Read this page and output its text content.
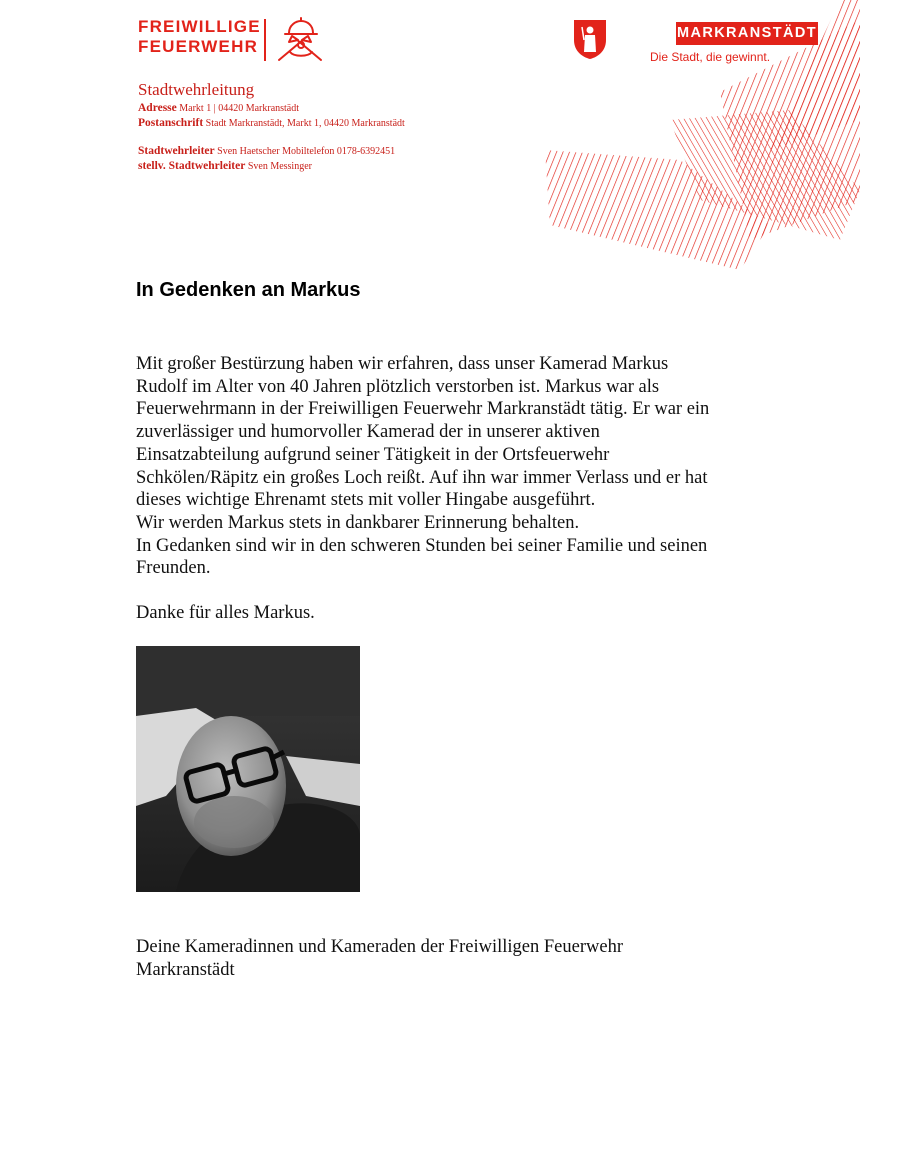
FREIWILLIGE
FEUERWEHR
Stadtwehrleitung
Adresse Markt 1 | 04420 Markranstädt
Postanschrift Stadt Markranstädt, Markt 1, 04420 Markranstädt
Stadtwehrleiter Sven Haetscher Mobiltelefon 0178-6392451
stellv. Stadtwehrleiter Sven Messinger
MARKRANSTÄDT
Die Stadt, die gewinnt.
In Gedenken an Markus

Mit großer Bestürzung haben wir erfahren, dass unser Kamerad Markus

Rudolf im Alter von 40 Jahren plötzlich verstorben ist. Markus war als

Feuerwehrmann in der Freiwilligen Feuerwehr Markranstädt tätig. Er war ein

zuverlässiger und humorvoller Kamerad der in unserer aktiven

Einsatzabteilung aufgrund seiner Tätigkeit in der Ortsfeuerwehr

Schkölen/Räpitz ein großes Loch reißt. Auf ihn war immer Verlass und er hat

dieses wichtige Ehrenamt stets mit voller Hingabe ausgeführt.

Wir werden Markus stets in dankbarer Erinnerung behalten.

In Gedanken sind wir in den schweren Stunden bei seiner Familie und seinen

Freunden.

Danke für alles Markus.

Deine Kameradinnen und Kameraden der Freiwilligen Feuerwehr

Markranstädt
